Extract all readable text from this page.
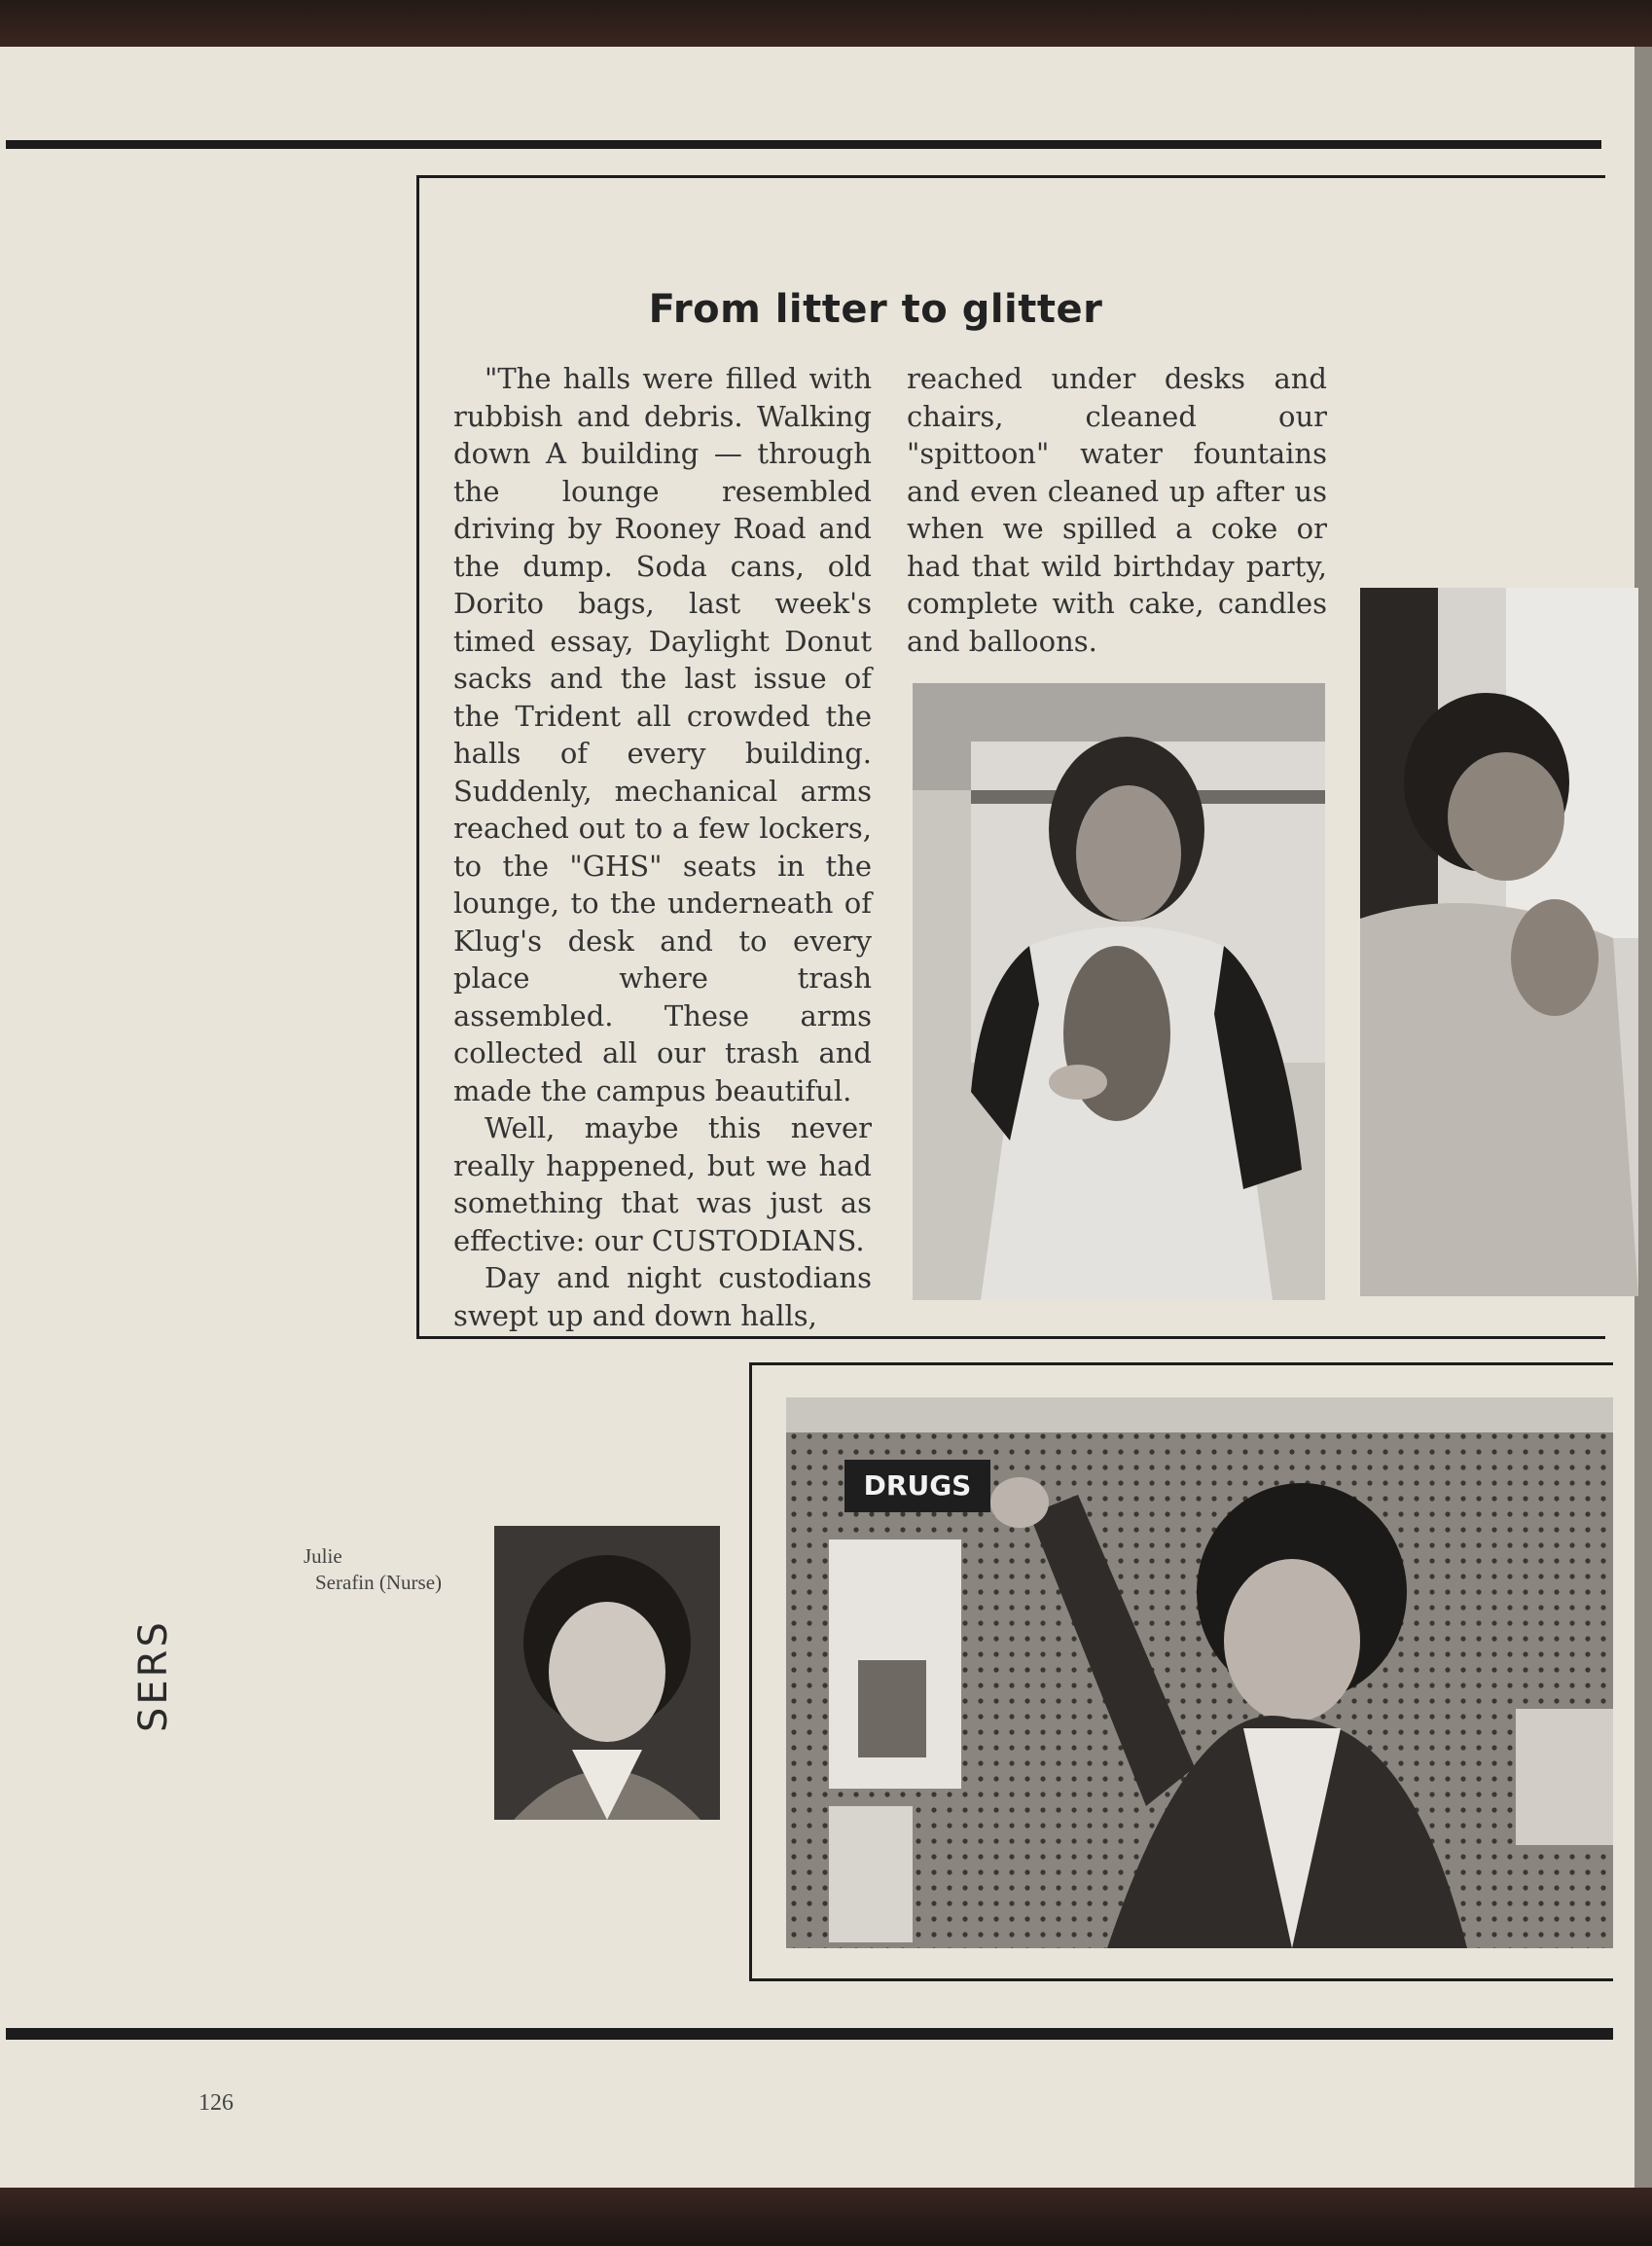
From litter to glitter

"The halls were filled with rubbish and debris. Walking down A building — through the lounge resembled driving by Rooney Road and the dump. Soda cans, old Dorito bags, last week's timed essay, Daylight Donut sacks and the last issue of the Trident all crowded the halls of every building. Suddenly, mechanical arms reached out to a few lockers, to the "GHS" seats in the lounge, to the underneath of Klug's desk and to every place where trash assembled. These arms collected all our trash and made the campus beautiful.

Well, maybe this never really happened, but we had something that was just as effective: our CUSTODIANS.

Day and night custodians swept up and down halls,

reached under desks and chairs, cleaned our "spittoon" water fountains and even cleaned up after us when we spilled a coke or had that wild birthday party, complete with cake, candles and balloons.

Julie
Serafin (Nurse)
DRUGS
SERS
126
